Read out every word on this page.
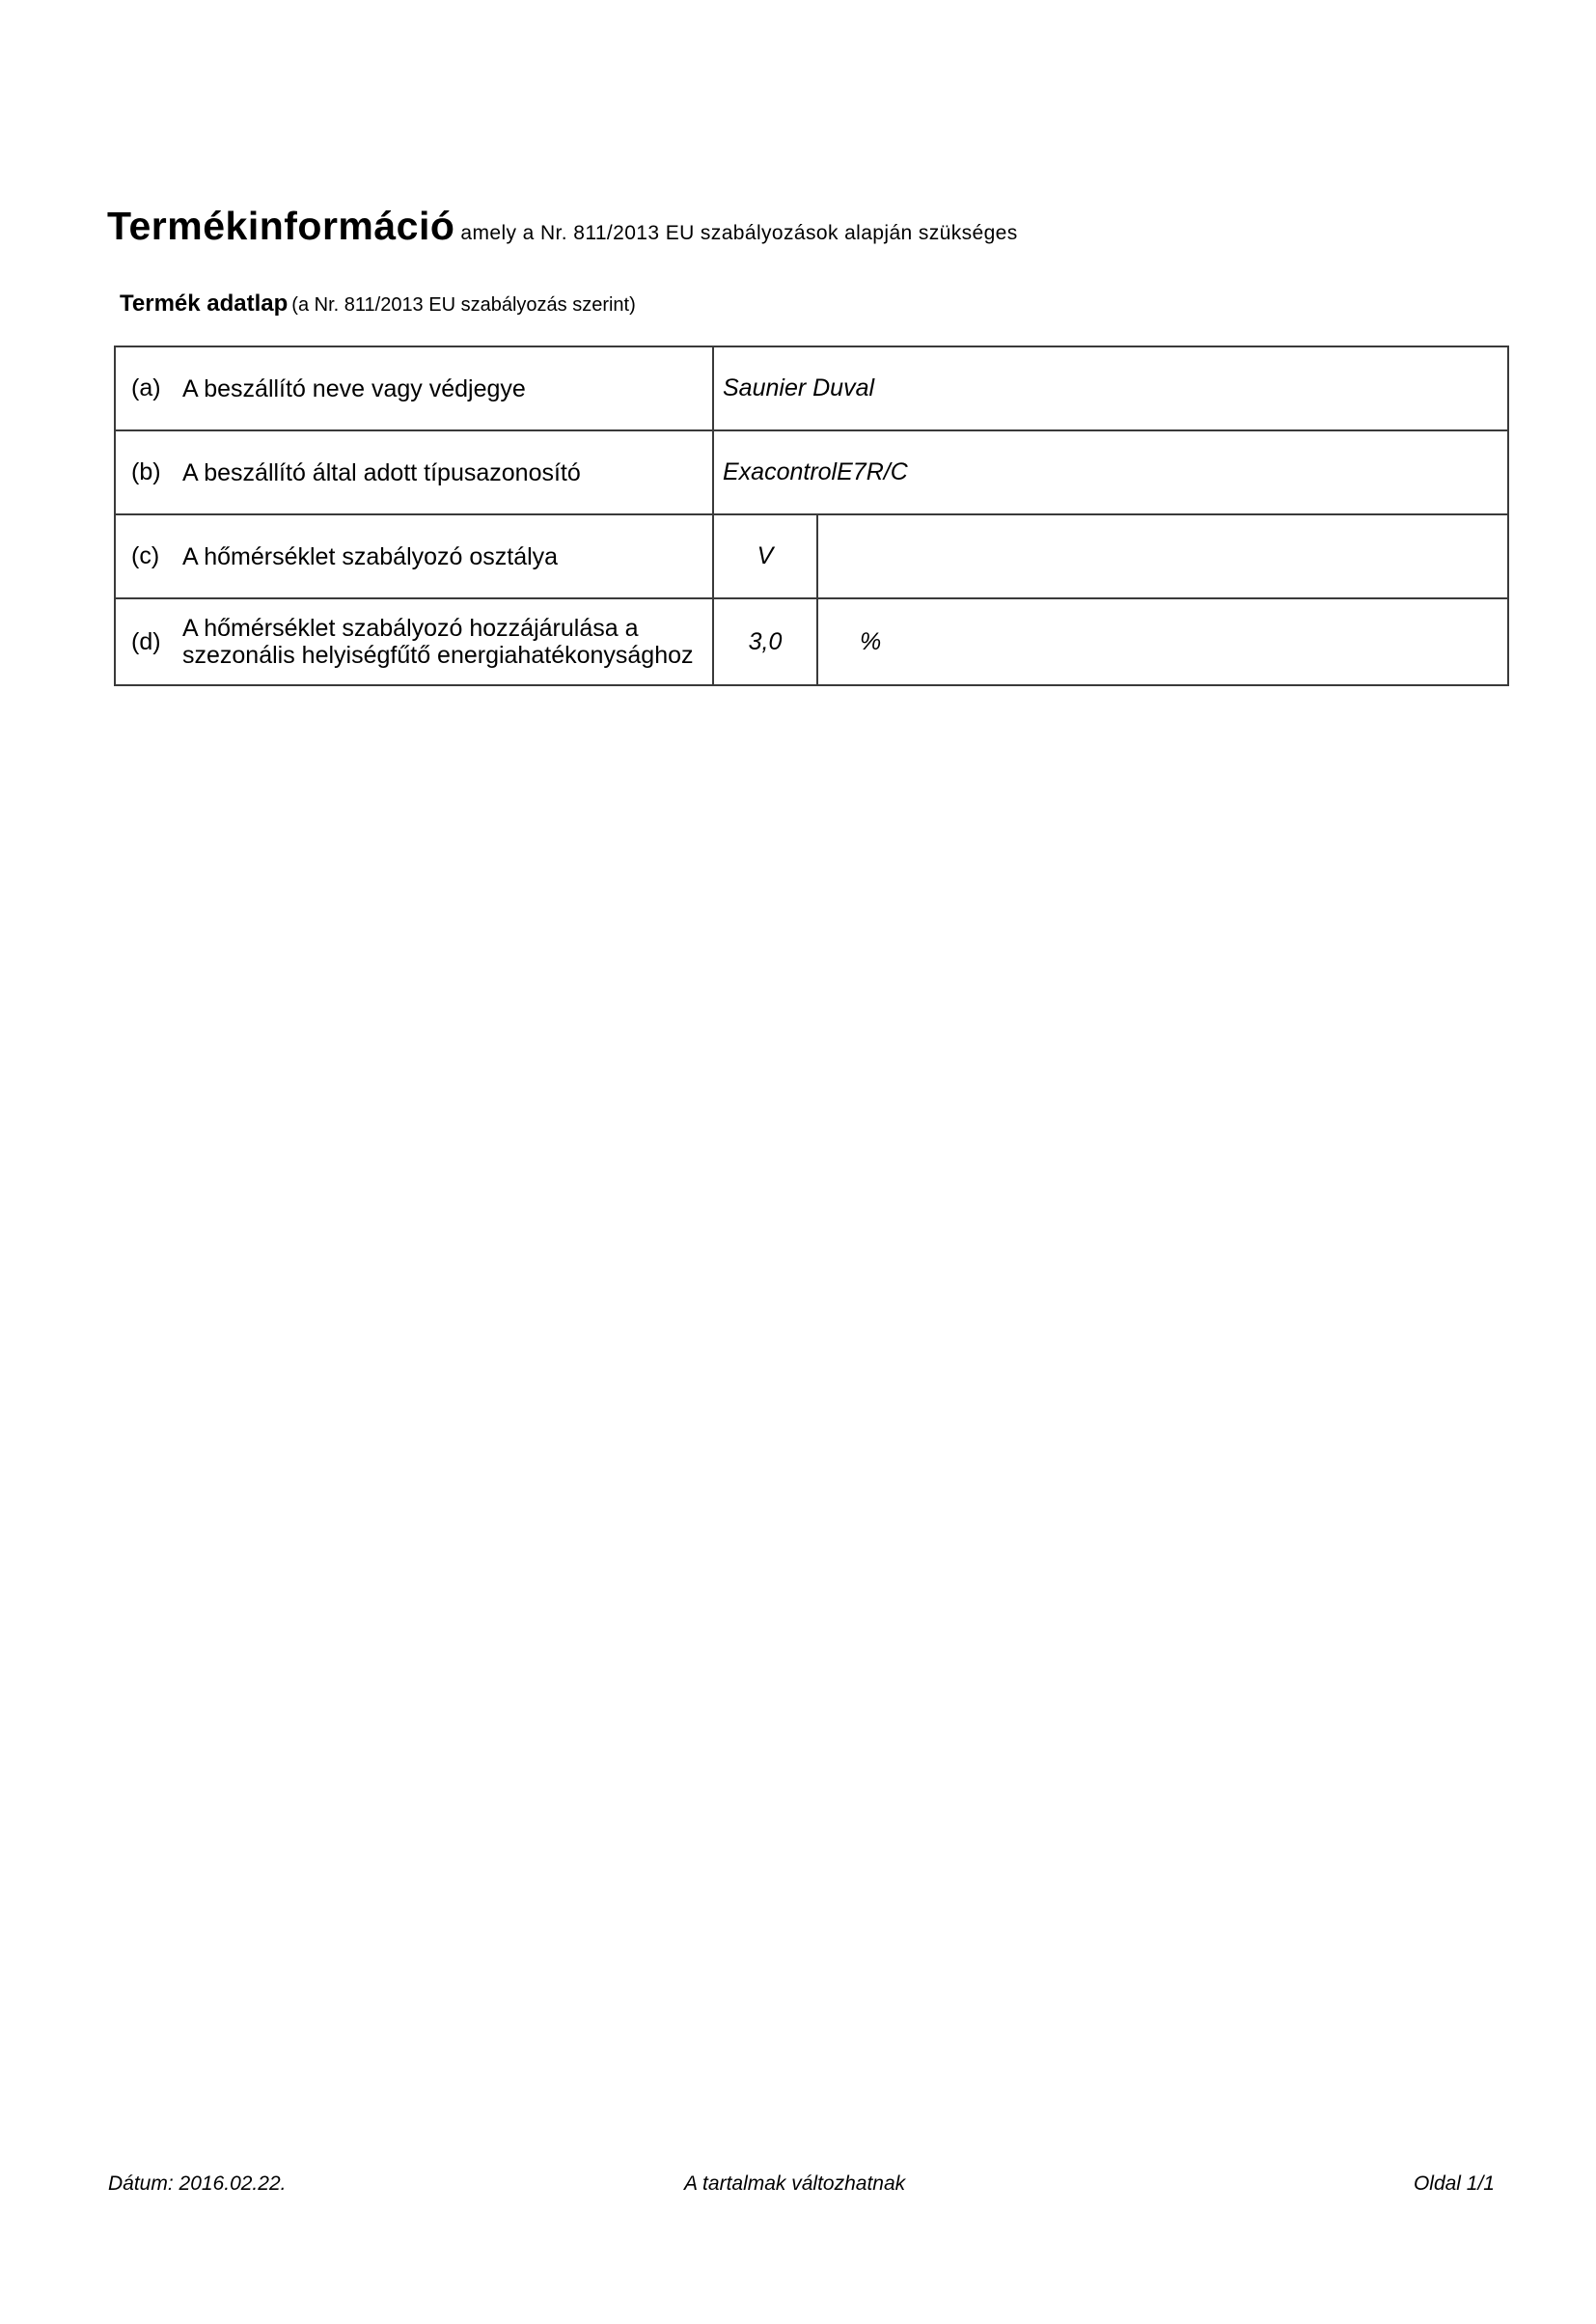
Termékinformáció amely a Nr. 811/2013 EU szabályozások alapján szükséges
Termék adatlap (a Nr. 811/2013 EU szabályozás szerint)
(a) A beszállító neve vagy védjegye	Saunier Duval	

(b) A beszállító által adott típusazonosító	ExacontrolE7R/C	

(c) A hőmérséklet szabályozó osztálya	V	

(d) A hőmérséklet szabályozó hozzájárulása a
szezonális helyiségfűtő energiahatékonysághoz	3,0	%
Dátum: 2016.02.22.	A tartalmak változhatnak	Oldal 1/1
